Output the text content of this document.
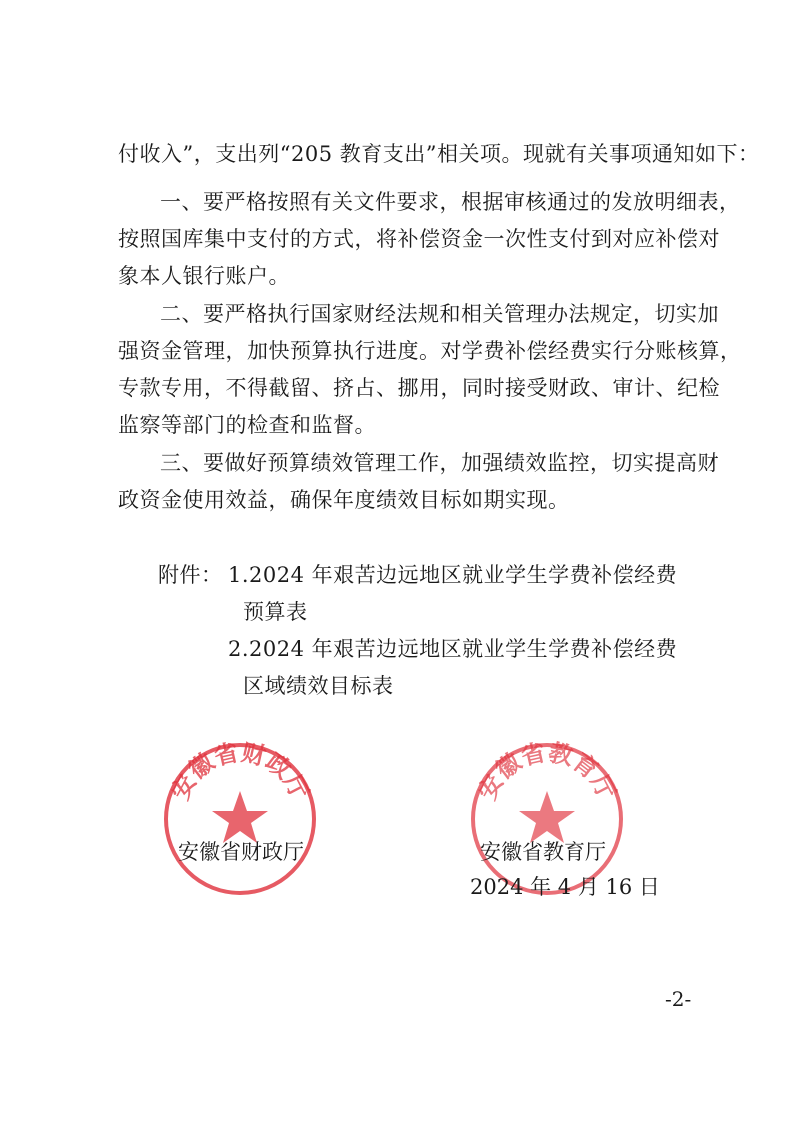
付收入”，支出列“205 教育支出”相关项。现就有关事项通知如下：
一、要严格按照有关文件要求，根据审核通过的发放明细表，
按照国库集中支付的方式，将补偿资金一次性支付到对应补偿对
象本人银行账户。
二、要严格执行国家财经法规和相关管理办法规定，切实加
强资金管理，加快预算执行进度。对学费补偿经费实行分账核算，
专款专用，不得截留、挤占、挪用，同时接受财政、审计、纪检
监察等部门的检查和监督。
三、要做好预算绩效管理工作，加强绩效监控，切实提高财
政资金使用效益，确保年度绩效目标如期实现。
附件： 1.2024 年艰苦边远地区就业学生学费补偿经费
预算表
2.2024 年艰苦边远地区就业学生学费补偿经费
区域绩效目标表
安徽省财政厅	安徽省教育厅
安徽省财政厅	安徽省教育厅
2024 年 4 月 16 日
-2-
